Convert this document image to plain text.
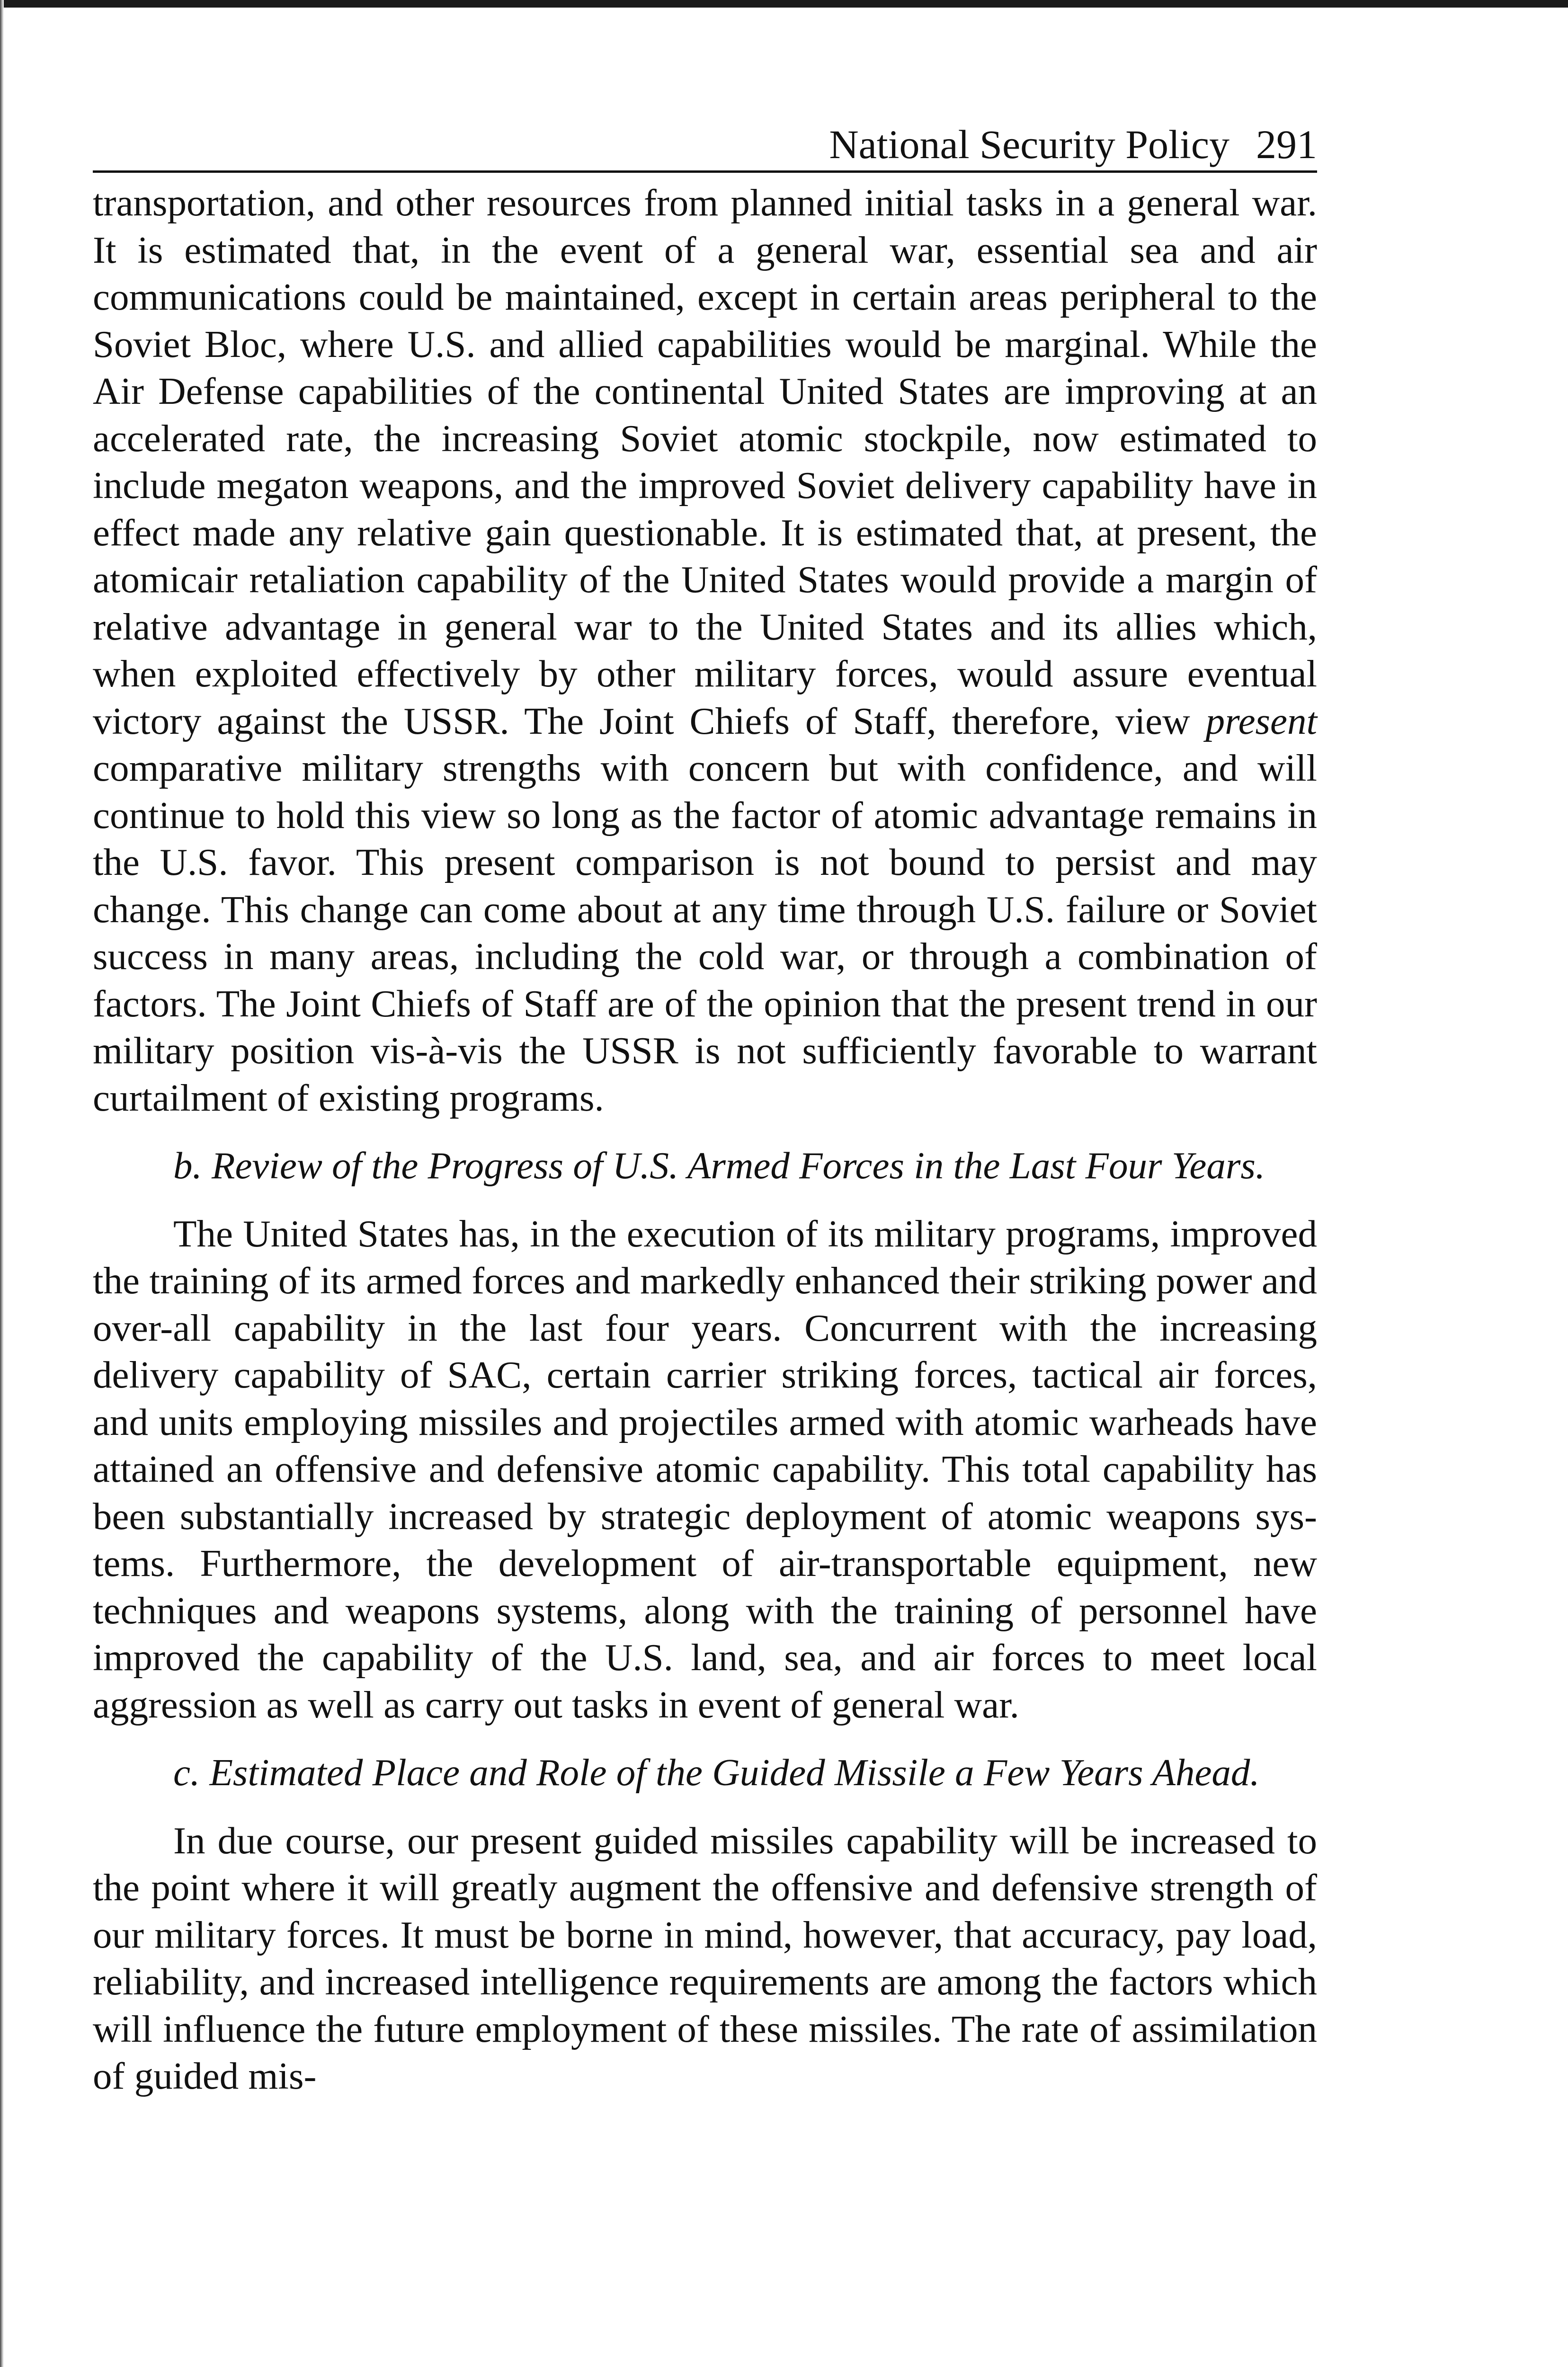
National Security Policy 291

transportation, and other resources from planned initial tasks in a general war. It is estimated that, in the event of a general war, essential sea and air communications could be maintained, except in certain areas peripheral to the Soviet Bloc, where U.S. and allied capabilities would be marginal. While the Air Defense capabilities of the continental United States are improving at an accelerated rate, the increasing Soviet atomic stockpile, now estimated to include megaton weapons, and the improved Soviet delivery capability have in effect made any relative gain questionable. It is estimated that, at present, the atomicair retaliation capability of the United States would provide a margin of relative advantage in general war to the United States and its allies which, when exploited effectively by other military forces, would assure eventual victory against the USSR. The Joint Chiefs of Staff, therefore, view present comparative military strengths with concern but with confidence, and will continue to hold this view so long as the factor of atomic advantage remains in the U.S. favor. This present comparison is not bound to persist and may change. This change can come about at any time through U.S. failure or Soviet success in many areas, including the cold war, or through a combination of factors. The Joint Chiefs of Staff are of the opinion that the present trend in our military position vis-à-vis the USSR is not sufficiently favorable to warrant curtailment of existing programs.

b. Review of the Progress of U.S. Armed Forces in the Last Four Years.

The United States has, in the execution of its military programs, improved the training of its armed forces and markedly enhanced their striking power and over-all capability in the last four years. Concurrent with the increasing delivery capability of SAC, certain carrier striking forces, tactical air forces, and units employing missiles and projectiles armed with atomic warheads have attained an offensive and defensive atomic capability. This total capability has been substantially increased by strategic deployment of atomic weapons systems. Furthermore, the development of air-transportable equipment, new techniques and weapons systems, along with the training of personnel have improved the capability of the U.S. land, sea, and air forces to meet local aggression as well as carry out tasks in event of general war.

c. Estimated Place and Role of the Guided Missile a Few Years Ahead.

In due course, our present guided missiles capability will be increased to the point where it will greatly augment the offensive and defensive strength of our military forces. It must be borne in mind, however, that accuracy, pay load, reliability, and increased intelligence requirements are among the factors which will influence the future employment of these missiles. The rate of assimilation of guided mis-
